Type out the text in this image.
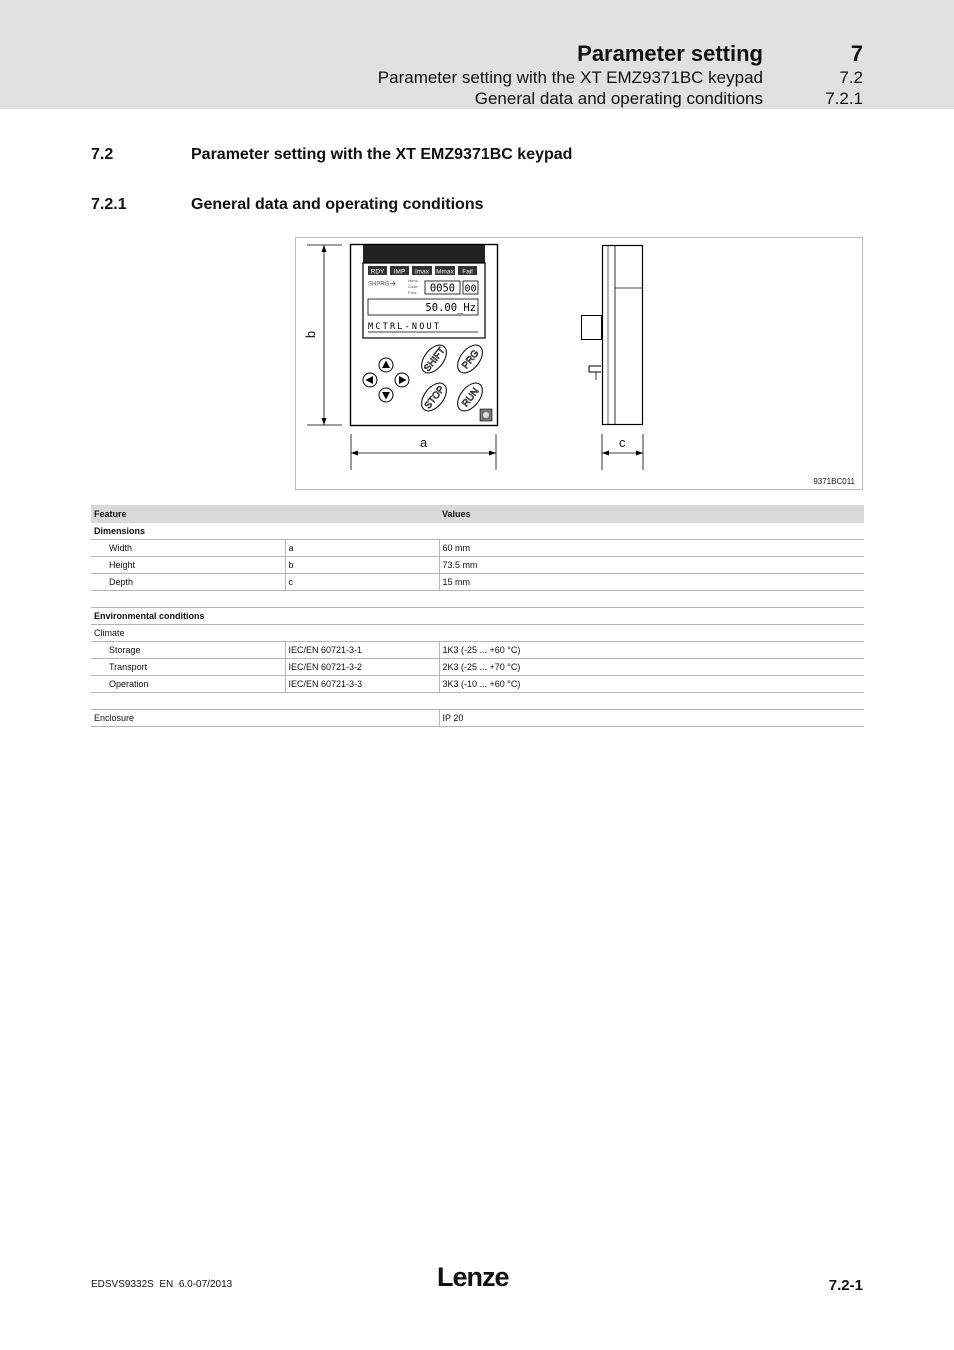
Parameter setting	7
Parameter setting with the XT EMZ9371BC keypad	7.2
General data and operating conditions	7.2.1
7.2	Parameter setting with the XT EMZ9371BC keypad
7.2.1	General data and operating conditions
RDY IMP Imax Mmax Fail
SHPRG
Menu
Code
Para 0050 00
50.00_Hz
MCTRL-NOUT
SHIFT PRG
STOP RUN
b
a	c
9371BC011
Feature		Values
Dimensions		
Width	a	60 mm
Height	b	73.5 mm
Depth	c	15 mm

Environmental conditions		
Climate		
Storage	IEC/EN 60721-3-1	1K3 (-25 ... +60 °C)
Transport	IEC/EN 60721-3-2	2K3 (-25 ... +70 °C)
Operation	IEC/EN 60721-3-3	3K3 (-10 ... +60 °C)

Enclosure		IP 20
EDSVS9332S  EN  6.0-07/2013	Lenze	7.2-1
